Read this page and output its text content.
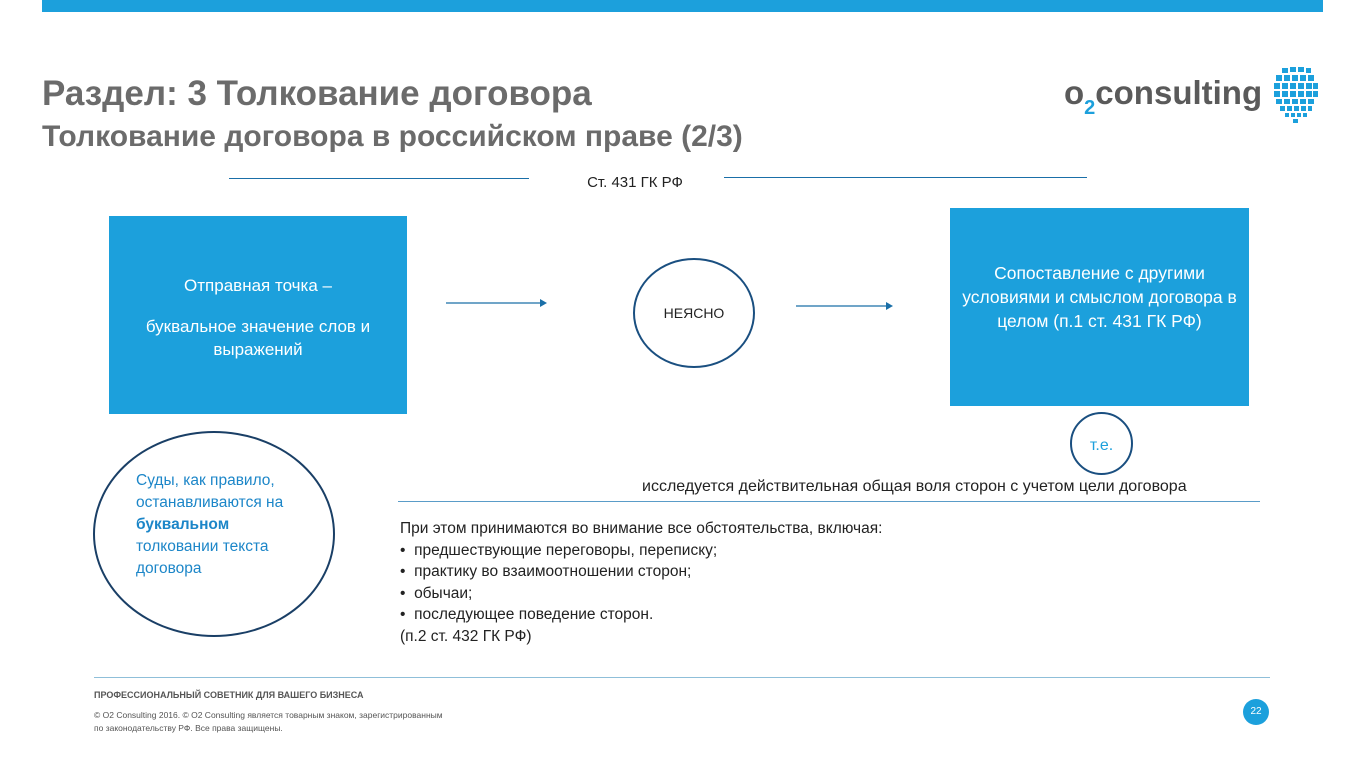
Раздел: 3 Толкование договора
Толкование договора в российском праве (2/3)
$o_2consulting$
Ст. 431 ГК РФ
Отправная точка –
буквальное значение слов и выражений
НЕЯСНО
Сопоставление с другими условиями и смыслом договора в целом (п.1 ст. 431 ГК РФ)
т.е.
Суды, как правило, останавливаются на буквальном толковании текста договора
исследуется действительная общая воля сторон с учетом цели договора
При этом принимаются во внимание все обстоятельства, включая:
• предшествующие переговоры, переписку;
• практику во взаимоотношении сторон;
• обычаи;
• последующее поведение сторон.
(п.2 ст. 432 ГК РФ)
ПРОФЕССИОНАЛЬНЫЙ СОВЕТНИК ДЛЯ ВАШЕГО БИЗНЕСА
© O2 Consulting 2016. © O2 Consulting является товарным знаком, зарегистрированным по законодательству РФ. Все права защищены.
22
